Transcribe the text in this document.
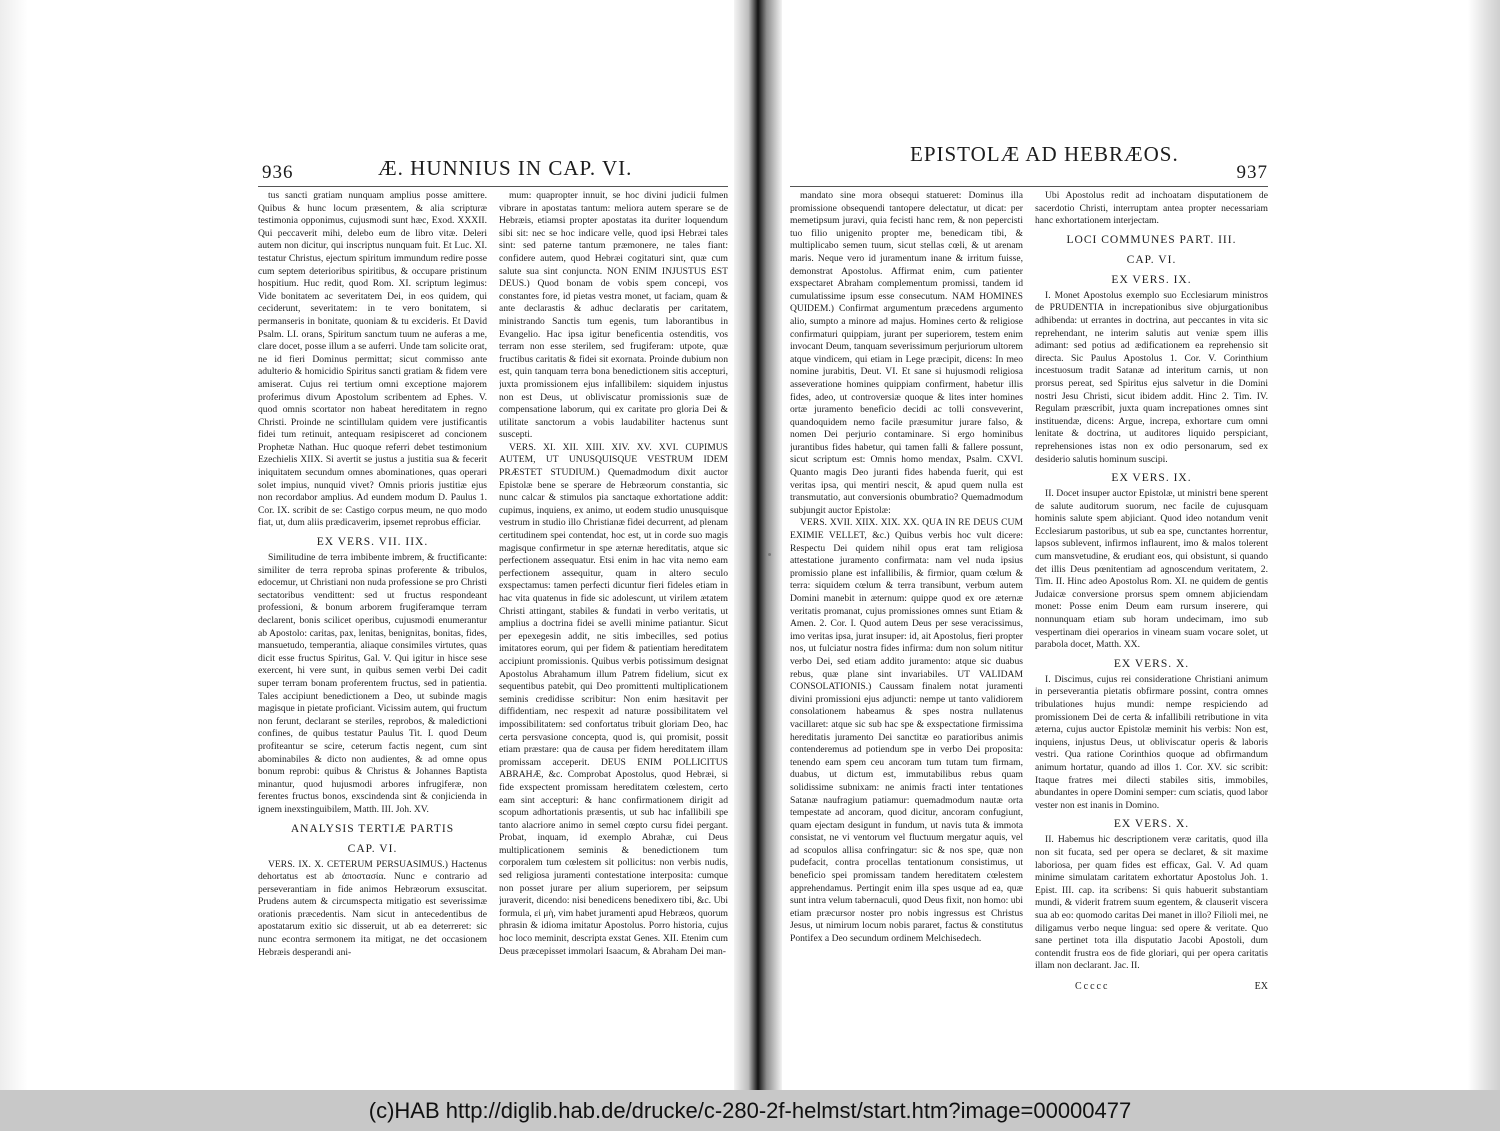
936	Æ. HUNNIUS IN CAP. VI.

tus sancti gratiam nunquam amplius posse amittere. Quibus & hunc locum præsentem, & alia scripturæ testimonia opponimus, cujusmodi sunt hæc, Exod. XXXII. Qui peccaverit mihi, delebo eum de libro vitæ. Deleri autem non dicitur, qui inscriptus nunquam fuit. Et Luc. XI. testatur Christus, ejectum spiritum immundum redire posse cum septem deterioribus spiritibus, & occupare pristinum hospitium. Huc redit, quod Rom. XI. scriptum legimus: Vide bonitatem ac severitatem Dei, in eos quidem, qui ceciderunt, severitatem: in te vero bonitatem, si permanseris in bonitate, quoniam & tu excideris. Et David Psalm. LI. orans, Spiritum sanctum tuum ne auferas a me, clare docet, posse illum a se auferri. Unde tam solicite orat, ne id fieri Dominus permittat; sicut commisso ante adulterio & homicidio Spiritus sancti gratiam & fidem vere amiserat. Cujus rei tertium omni exceptione majorem proferimus divum Apostolum scribentem ad Ephes. V. quod omnis scortator non habeat hereditatem in regno Christi. Proinde ne scintillulam quidem vere justificantis fidei tum retinuit, antequam resipisceret ad concionem Prophetæ Nathan. Huc quoque referri debet testimonium Ezechielis XIIX. Si avertit se justus a justitia sua & fecerit iniquitatem secundum omnes abominationes, quas operari solet impius, nunquid vivet? Omnis prioris justitiæ ejus non recordabor amplius. Ad eundem modum D. Paulus 1. Cor. IX. scribit de se: Castigo corpus meum, ne quo modo fiat, ut, dum aliis prædicaverim, ipsemet reprobus efficiar.

EX VERS. VII. IIX.

Similitudine de terra imbibente imbrem, & fructificante: similiter de terra reproba spinas proferente & tribulos, edocemur, ut Christiani non nuda professione se pro Christi sectatoribus vendittent: sed ut fructus respondeant professioni, & bonum arborem frugiferamque terram declarent, bonis scilicet operibus, cujusmodi enumerantur ab Apostolo: caritas, pax, lenitas, benignitas, bonitas, fides, mansuetudo, temperantia, aliaque consimiles virtutes, quas dicit esse fructus Spiritus, Gal. V. Qui igitur in hisce sese exercent, hi vere sunt, in quibus semen verbi Dei cadit super terram bonam proferentem fructus, sed in patientia. Tales accipiunt benedictionem a Deo, ut subinde magis magisque in pietate proficiant. Vicissim autem, qui fructum non ferunt, declarant se steriles, reprobos, & maledictioni confines, de quibus testatur Paulus Tit. I. quod Deum profiteantur se scire, ceterum factis negent, cum sint abominabiles & dicto non audientes, & ad omne opus bonum reprobi: quibus & Christus & Johannes Baptista minantur, quod hujusmodi arbores infrugiferæ, non ferentes fructus bonos, exscindenda sint & conjicienda in ignem inexstinguibilem, Matth. III. Joh. XV.

ANALYSIS TERTIÆ PARTIS
CAP. VI.

VERS. IX. X. CETERUM PERSUASIMUS.) Hactenus dehortatus est ab ἀποστασία. Nunc e contrario ad perseverantiam in fide animos Hebræorum exsuscitat. Prudens autem & circumspecta mitigatio est severissimæ orationis præcedentis. Nam sicut in antecedentibus de apostatarum exitio sic disseruit, ut ab ea deterreret: sic nunc econtra sermonem ita mitigat, ne det occasionem Hebræis desperandi ani-

mum: quapropter innuit, se hoc divini judicii fulmen vibrare in apostatas tantum: meliora autem sperare se de Hebræis, etiamsi propter apostatas ita duriter loquendum sibi sit: nec se hoc indicare velle, quod ipsi Hebræi tales sint: sed paterne tantum præmonere, ne tales fiant: confidere autem, quod Hebræi cogitaturi sint, quæ cum salute sua sint conjuncta. NON ENIM INJUSTUS EST DEUS.) Quod bonam de vobis spem concepi, vos constantes fore, id pietas vestra monet, ut faciam, quam & ante declarastis & adhuc declaratis per caritatem, ministrando Sanctis tum egenis, tum laborantibus in Evangelio. Hac ipsa igitur beneficentia ostenditis, vos terram non esse sterilem, sed frugiferam: utpote, quæ fructibus caritatis & fidei sit exornata. Proinde dubium non est, quin tanquam terra bona benedictionem sitis accepturi, juxta promissionem ejus infallibilem: siquidem injustus non est Deus, ut obliviscatur promissionis suæ de compensatione laborum, qui ex caritate pro gloria Dei & utilitate sanctorum a vobis laudabiliter hactenus sunt suscepti.

VERS. XI. XII. XIII. XIV. XV. XVI. CUPIMUS AUTEM, UT UNUSQUISQUE VESTRUM IDEM PRÆSTET STUDIUM.) Quemadmodum dixit auctor Epistolæ bene se sperare de Hebræorum constantia, sic nunc calcar & stimulos pia sanctaque exhortatione addit: cupimus, inquiens, ex animo, ut eodem studio unusquisque vestrum in studio illo Christianæ fidei decurrent, ad plenam certitudinem spei contendat, hoc est, ut in corde suo magis magisque confirmetur in spe æternæ hereditatis, atque sic perfectionem assequatur. Etsi enim in hac vita nemo eam perfectionem assequitur, quam in altero seculo exspectamus: tamen perfecti dicuntur fieri fideles etiam in hac vita quatenus in fide sic adolescunt, ut virilem ætatem Christi attingant, stabiles & fundati in verbo veritatis, ut amplius a doctrina fidei se avelli minime patiantur. Sicut per epexegesin addit, ne sitis imbecilles, sed potius imitatores eorum, qui per fidem & patientiam hereditatem accipiunt promissionis. Quibus verbis potissimum designat Apostolus Abrahamum illum Patrem fidelium, sicut ex sequentibus patebit, qui Deo promittenti multiplicationem seminis credidisse scribitur: Non enim hæsitavit per diffidentiam, nec respexit ad naturæ possibilitatem vel impossibilitatem: sed confortatus tribuit gloriam Deo, hac certa persvasione concepta, quod is, qui promisit, possit etiam præstare: qua de causa per fidem hereditatem illam promissam acceperit. DEUS ENIM POLLICITUS ABRAHÆ, &c. Comprobat Apostolus, quod Hebræi, si fide exspectent promissam hereditatem cœlestem, certo eam sint accepturi: & hanc confirmationem dirigit ad scopum adhortationis præsentis, ut sub hac infallibili spe tanto alacriore animo in semel cœpto cursu fidei pergant. Probat, inquam, id exemplo Abrahæ, cui Deus multiplicationem seminis & benedictionem tum corporalem tum cœlestem sit pollicitus: non verbis nudis, sed religiosa juramenti contestatione interposita: cumque non posset jurare per alium superiorem, per seipsum juraverit, dicendo: nisi benedicens benedixero tibi, &c. Ubi formula, εἰ μὴ, vim habet juramenti apud Hebræos, quorum phrasin & idioma imitatur Apostolus. Porro historia, cujus hoc loco meminit, descripta exstat Genes. XII. Etenim cum Deus præcepisset immolari Isaacum, & Abraham Dei man-

EPISTOLÆ AD HEBRÆOS.
937

mandato sine mora obsequi statueret: Dominus illa promissione obsequendi tantopere delectatur, ut dicat: per memetipsum juravi, quia fecisti hanc rem, & non pepercisti tuo filio unigenito propter me, benedicam tibi, & multiplicabo semen tuum, sicut stellas cœli, & ut arenam maris. Neque vero id juramentum inane & irritum fuisse, demonstrat Apostolus. Affirmat enim, cum patienter exspectaret Abraham complementum promissi, tandem id cumulatissime ipsum esse consecutum. NAM HOMINES QUIDEM.) Confirmat argumentum præcedens argumento alio, sumpto a minore ad majus. Homines certo & religiose confirmaturi quippiam, jurant per superiorem, testem enim invocant Deum, tanquam severissimum perjuriorum ultorem atque vindicem, qui etiam in Lege præcipit, dicens: In meo nomine jurabitis, Deut. VI. Et sane si hujusmodi religiosa asseveratione homines quippiam confirment, habetur illis fides, adeo, ut controversiæ quoque & lites inter homines ortæ juramento beneficio decidi ac tolli consveverint, quandoquidem nemo facile præsumitur jurare falso, & nomen Dei perjurio contaminare. Si ergo hominibus jurantibus fides habetur, qui tamen falli & fallere possunt, sicut scriptum est: Omnis homo mendax, Psalm. CXVI. Quanto magis Deo juranti fides habenda fuerit, qui est veritas ipsa, qui mentiri nescit, & apud quem nulla est transmutatio, aut conversionis obumbratio? Quemadmodum subjungit auctor Epistolæ:

VERS. XVII. XIIX. XIX. XX. QUA IN RE DEUS CUM EXIMIE VELLET, &c.) Quibus verbis hoc vult dicere: Respectu Dei quidem nihil opus erat tam religiosa attestatione juramento confirmata: nam vel nuda ipsius promissio plane est infallibilis, & firmior, quam cœlum & terra: siquidem cœlum & terra transibunt, verbum autem Domini manebit in æternum: quippe quod ex ore æternæ veritatis promanat, cujus promissiones omnes sunt Etiam & Amen. 2. Cor. I. Quod autem Deus per sese veracissimus, imo veritas ipsa, jurat insuper: id, ait Apostolus, fieri propter nos, ut fulciatur nostra fides infirma: dum non solum nititur verbo Dei, sed etiam addito juramento: atque sic duabus rebus, quæ plane sint invariabiles. UT VALIDAM CONSOLATIONIS.) Caussam finalem notat juramenti divini promissioni ejus adjuncti: nempe ut tanto validiorem consolationem habeamus & spes nostra nullatenus vacillaret: atque sic sub hac spe & exspectatione firmissima hereditatis juramento Dei sanctitæ eo paratioribus animis contenderemus ad potiendum spe in verbo Dei proposita: tenendo eam spem ceu ancoram tum tutam tum firmam, duabus, ut dictum est, immutabilibus rebus quam solidissime subnixam: ne animis fracti inter tentationes Satanæ naufragium patiamur: quemadmodum nautæ orta tempestate ad ancoram, quod dicitur, ancoram confugiunt, quam ejectam desigunt in fundum, ut navis tuta & immota consistat, ne vi ventorum vel fluctuum mergatur aquis, vel ad scopulos allisa confringatur: sic & nos spe, quæ non pudefacit, contra procellas tentationum consistimus, ut beneficio spei promissam tandem hereditatem cœlestem apprehendamus. Pertingit enim illa spes usque ad ea, quæ sunt intra velum tabernaculi, quod Deus fixit, non homo: ubi etiam præcursor noster pro nobis ingressus est Christus Jesus, ut nimirum locum nobis pararet, factus & constitutus Pontifex a Deo secundum ordinem Melchisedech.

Ubi Apostolus redit ad inchoatam disputationem de sacerdotio Christi, interruptam antea propter necessariam hanc exhortationem interjectam.

LOCI COMMUNES PART. III.
CAP. VI.
EX VERS. IX.

I. Monet Apostolus exemplo suo Ecclesiarum ministros de PRUDENTIA in increpationibus sive objurgationibus adhibenda: ut errantes in doctrina, aut peccantes in vita sic reprehendant, ne interim salutis aut veniæ spem illis adimant: sed potius ad ædificationem ea reprehensio sit directa. Sic Paulus Apostolus 1. Cor. V. Corinthium incestuosum tradit Satanæ ad interitum carnis, ut non prorsus pereat, sed Spiritus ejus salvetur in die Domini nostri Jesu Christi, sicut ibidem addit. Hinc 2. Tim. IV. Regulam præscribit, juxta quam increpationes omnes sint instituendæ, dicens: Argue, increpa, exhortare cum omni lenitate & doctrina, ut auditores liquido perspiciant, reprehensiones istas non ex odio personarum, sed ex desiderio salutis hominum suscipi.

EX VERS. IX.

II. Docet insuper auctor Epistolæ, ut ministri bene sperent de salute auditorum suorum, nec facile de cujusquam hominis salute spem abjiciant. Quod ideo notandum venit Ecclesiarum pastoribus, ut sub ea spe, cunctantes horrentur, lapsos sublevent, infirmos inflaurent, imo & malos tolerent cum mansvetudine, & erudiant eos, qui obsistunt, si quando det illis Deus pœnitentiam ad agnoscendum veritatem, 2. Tim. II. Hinc adeo Apostolus Rom. XI. ne quidem de gentis Judaicæ conversione prorsus spem omnem abjiciendam monet: Posse enim Deum eam rursum inserere, qui nonnunquam etiam sub horam undecimam, imo sub vespertinam diei operarios in vineam suam vocare solet, ut parabola docet, Matth. XX.

EX VERS. X.

I. Discimus, cujus rei consideratione Christiani animum in perseverantia pietatis obfirmare possint, contra omnes tribulationes hujus mundi: nempe respiciendo ad promissionem Dei de certa & infallibili retributione in vita æterna, cujus auctor Epistolæ meminit his verbis: Non est, inquiens, injustus Deus, ut obliviscatur operis & laboris vestri. Qua ratione Corinthios quoque ad obfirmandum animum hortatur, quando ad illos 1. Cor. XV. sic scribit: Itaque fratres mei dilecti stabiles sitis, immobiles, abundantes in opere Domini semper: cum sciatis, quod labor vester non est inanis in Domino.

EX VERS. X.

II. Habemus hic descriptionem veræ caritatis, quod illa non sit fucata, sed per opera se declaret, & sit maxime laboriosa, per quam fides est efficax, Gal. V. Ad quam minime simulatam caritatem exhortatur Apostolus Joh. 1. Epist. III. cap. ita scribens: Si quis habuerit substantiam mundi, & viderit fratrem suum egentem, & clauserit viscera sua ab eo: quomodo caritas Dei manet in illo? Filioli mei, ne diligamus verbo neque lingua: sed opere & veritate. Quo sane pertinet tota illa disputatio Jacobi Apostoli, dum contendit frustra eos de fide gloriari, qui per opera caritatis illam non declarant. Jac. II.

Ccccc	EX
(c)HAB http://diglib.hab.de/drucke/c-280-2f-helmst/start.htm?image=00000477
